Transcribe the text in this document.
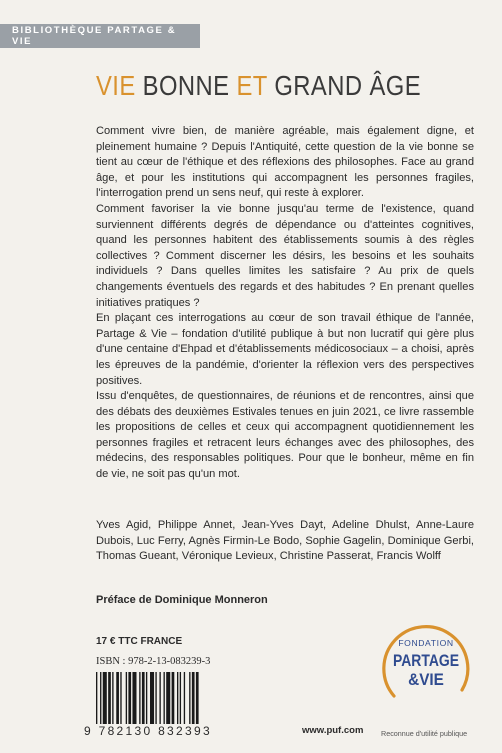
BIBLIOTHÈQUE PARTAGE & VIE
VIE BONNE ET GRAND ÂGE

Comment vivre bien, de manière agréable, mais également digne, et pleinement humaine ? Depuis l'Antiquité, cette question de la vie bonne se tient au cœur de l'éthique et des réflexions des philosophes. Face au grand âge, et pour les institutions qui accompagnent les personnes fragiles, l'interrogation prend un sens neuf, qui reste à explorer.

Comment favoriser la vie bonne jusqu'au terme de l'existence, quand surviennent différents degrés de dépendance ou d'atteintes cognitives, quand les personnes habitent des établissements soumis à des règles collectives ? Comment discerner les désirs, les besoins et les souhaits individuels ? Dans quelles limites les satisfaire ? Au prix de quels changements éventuels des regards et des habitudes ? En prenant quelles initiatives pratiques ?

En plaçant ces interrogations au cœur de son travail éthique de l'année, Partage & Vie – fondation d'utilité publique à but non lucratif qui gère plus d'une centaine d'Ehpad et d'établissements médicosociaux – a choisi, après les épreuves de la pandémie, d'orienter la réflexion vers des perspectives positives.

Issu d'enquêtes, de questionnaires, de réunions et de rencontres, ainsi que des débats des deuxièmes Estivales tenues en juin 2021, ce livre rassemble les propositions de celles et ceux qui accompagnent quotidiennement les personnes fragiles et retracent leurs échanges avec des philosophes, des médecins, des responsables politiques. Pour que le bonheur, même en fin de vie, ne soit pas qu'un mot.

Yves Agid, Philippe Annet, Jean-Yves Dayt, Adeline Dhulst, Anne-Laure Dubois, Luc Ferry, Agnès Firmin-Le Bodo, Sophie Gagelin, Dominique Gerbi, Thomas Gueant, Véronique Levieux, Christine Passerat, Francis Wolff
Préface de Dominique Monneron
17 € TTC FRANCE
ISBN : 978-2-13-083239-3
9 782130 832393	www.puf.com
FONDATION
PARTAGE
&VIE
Reconnue d'utilité publique
